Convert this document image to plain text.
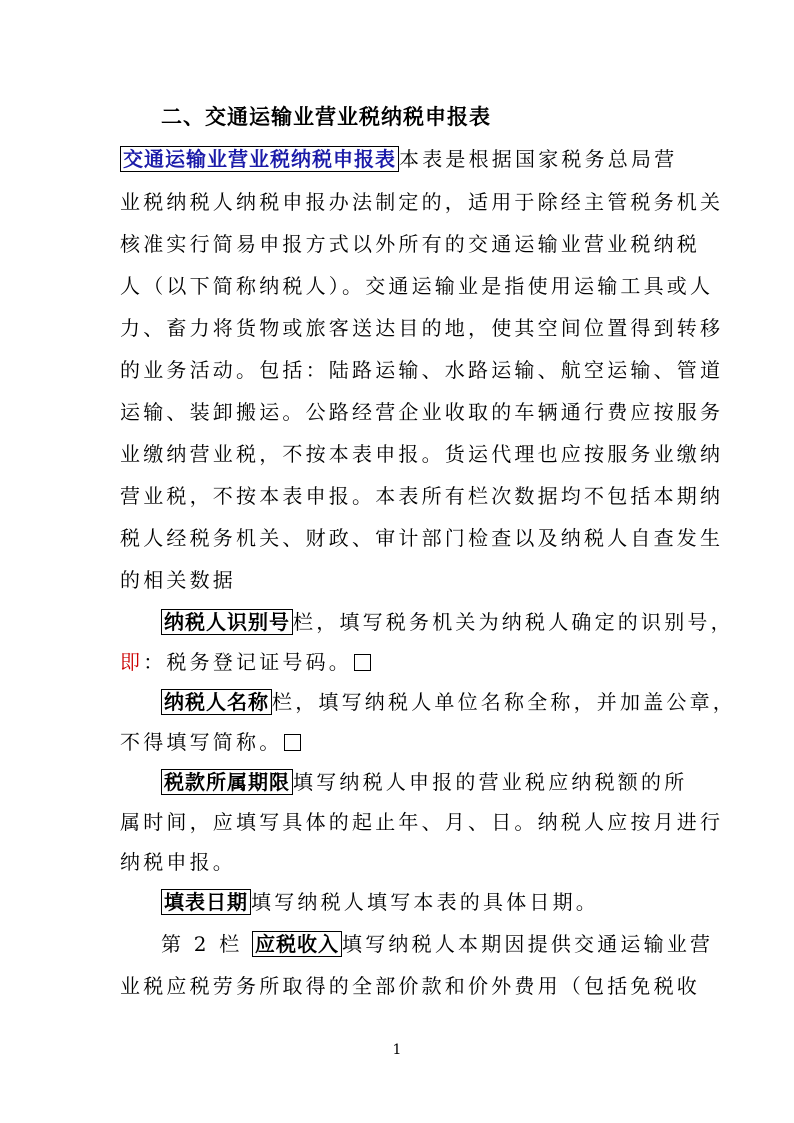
二、交通运输业营业税纳税申报表
交通运输业营业税纳税申报表 本表是根据国家税务总局营
业税纳税人纳税申报办法制定的，适用于除经主管税务机关
核准实行简易申报方式以外所有的交通运输业营业税纳税
人（以下简称纳税人）。交通运输业是指使用运输工具或人
力、畜力将货物或旅客送达目的地，使其空间位置得到转移
的业务活动。包括：陆路运输、水路运输、航空运输、管道
运输、装卸搬运。公路经营企业收取的车辆通行费应按服务
业缴纳营业税，不按本表申报。货运代理也应按服务业缴纳
营业税，不按本表申报。本表所有栏次数据均不包括本期纳
税人经税务机关、财政、审计部门检查以及纳税人自查发生
的相关数据
纳税人识别号 栏，填写税务机关为纳税人确定的识别号，
即：税务登记证号码。
纳税人名称 栏，填写纳税人单位名称全称，并加盖公章，
不得填写简称。
税款所属期限 填写纳税人申报的营业税应纳税额的所
属时间，应填写具体的起止年、月、日。纳税人应按月进行
纳税申报。
填表日期 填写纳税人填写本表的具体日期。
第 2 栏 应税收入 填写纳税人本期因提供交通运输业营
业税应税劳务所取得的全部价款和价外费用（包括免税收
1
